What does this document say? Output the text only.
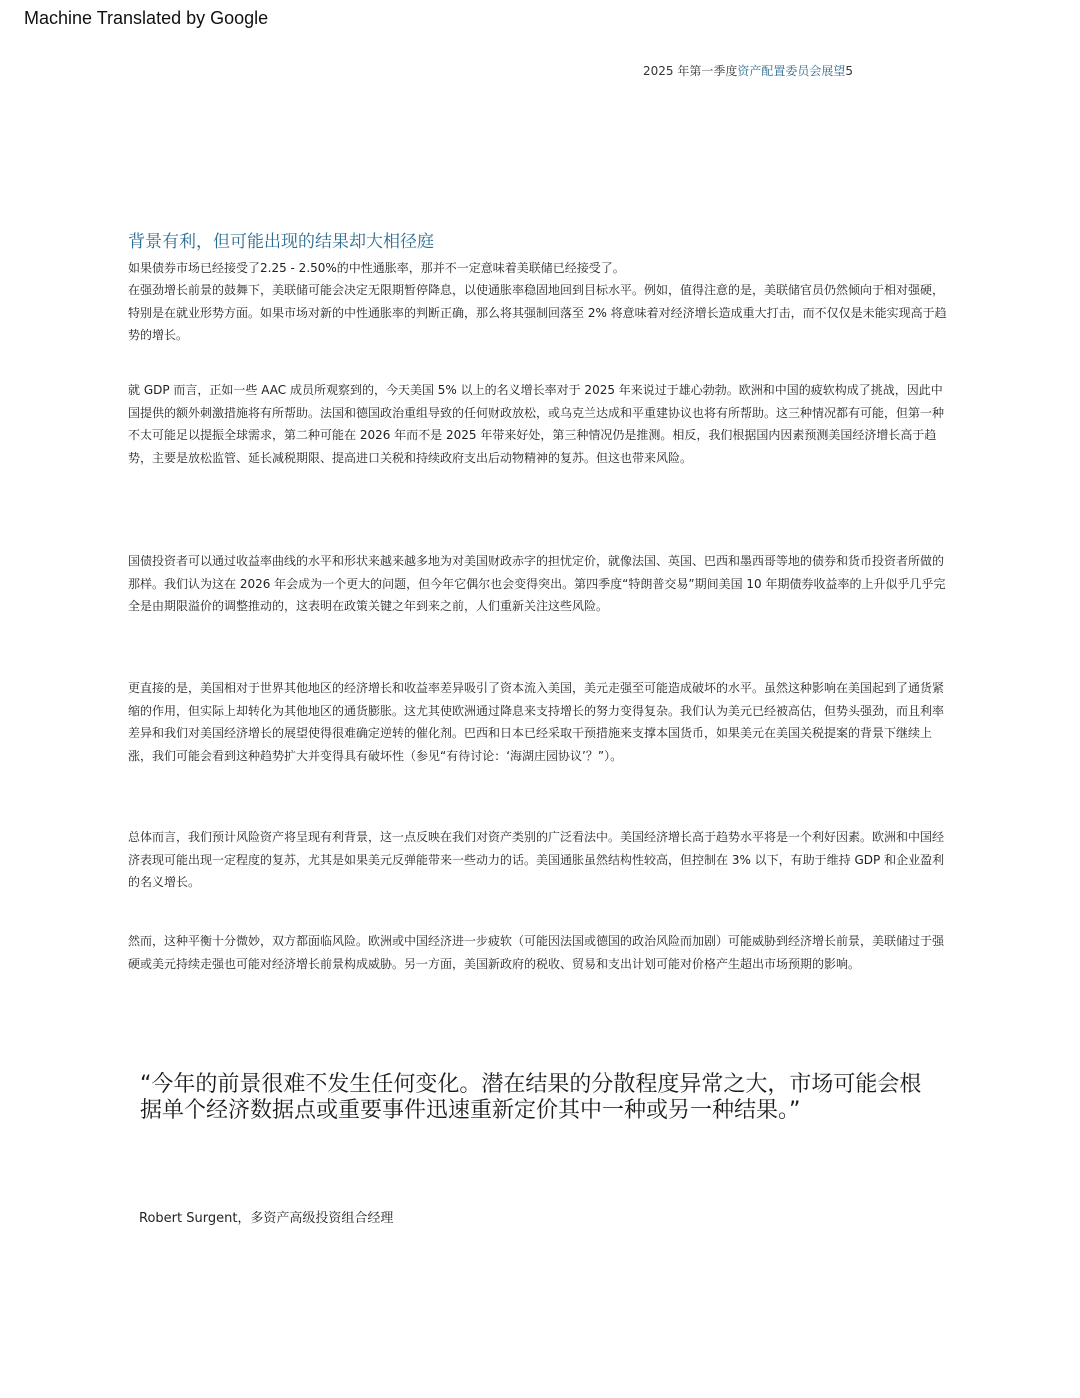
Machine Translated by Google
2025 年第一季度资产配置委员会展望5
背景有利，但可能出现的结果却大相径庭

如果债券市场已经接受了2.25 - 2.50%的中性通胀率，那并不一定意味着美联储已经接受了。

在强劲增长前景的鼓舞下，美联储可能会决定无限期暂停降息，以使通胀率稳固地回到目标水平。例如，值得注意的是，美联储官员仍然倾向于相对强硬，特别是在就业形势方面。如果市场对新的中性通胀率的判断正确，那么将其强制回落至 2% 将意味着对经济增长造成重大打击，而不仅仅是未能实现高于趋势的增长。

就 GDP 而言，正如一些 AAC 成员所观察到的，今天美国 5% 以上的名义增长率对于 2025 年来说过于雄心勃勃。欧洲和中国的疲软构成了挑战，因此中国提供的额外刺激措施将有所帮助。法国和德国政治重组导致的任何财政放松，或乌克兰达成和平重建协议也将有所帮助。这三种情况都有可能，但第一种不太可能足以提振全球需求，第二种可能在 2026 年而不是 2025 年带来好处，第三种情况仍是推测。相反，我们根据国内因素预测美国经济增长高于趋势，主要是放松监管、延长减税期限、提高进口关税和持续政府支出后动物精神的复苏。但这也带来风险。

国债投资者可以通过收益率曲线的水平和形状来越来越多地为对美国财政赤字的担忧定价，就像法国、英国、巴西和墨西哥等地的债券和货币投资者所做的那样。我们认为这在 2026 年会成为一个更大的问题，但今年它偶尔也会变得突出。第四季度“特朗普交易”期间美国 10 年期债券收益率的上升似乎几乎完全是由期限溢价的调整推动的，这表明在政策关键之年到来之前，人们重新关注这些风险。

更直接的是，美国相对于世界其他地区的经济增长和收益率差异吸引了资本流入美国，美元走强至可能造成破坏的水平。虽然这种影响在美国起到了通货紧缩的作用，但实际上却转化为其他地区的通货膨胀。这尤其使欧洲通过降息来支持增长的努力变得复杂。我们认为美元已经被高估，但势头强劲，而且利率差异和我们对美国经济增长的展望使得很难确定逆转的催化剂。巴西和日本已经采取干预措施来支撑本国货币，如果美元在美国关税提案的背景下继续上涨，我们可能会看到这种趋势扩大并变得具有破坏性（参见“有待讨论：‘海湖庄园协议’？”）。

总体而言，我们预计风险资产将呈现有利背景，这一点反映在我们对资产类别的广泛看法中。美国经济增长高于趋势水平将是一个利好因素。欧洲和中国经济表现可能出现一定程度的复苏，尤其是如果美元反弹能带来一些动力的话。美国通胀虽然结构性较高，但控制在 3% 以下，有助于维持 GDP 和企业盈利的名义增长。

然而，这种平衡十分微妙，双方都面临风险。欧洲或中国经济进一步疲软（可能因法国或德国的政治风险而加剧）可能威胁到经济增长前景，美联储过于强硬或美元持续走强也可能对经济增长前景构成威胁。另一方面，美国新政府的税收、贸易和支出计划可能对价格产生超出市场预期的影响。

“今年的前景很难不发生任何变化。潜在结果的分散程度异常之大，市场可能会根据单个经济数据点或重要事件迅速重新定价其中一种或另一种结果。”

Robert Surgent，多资产高级投资组合经理
